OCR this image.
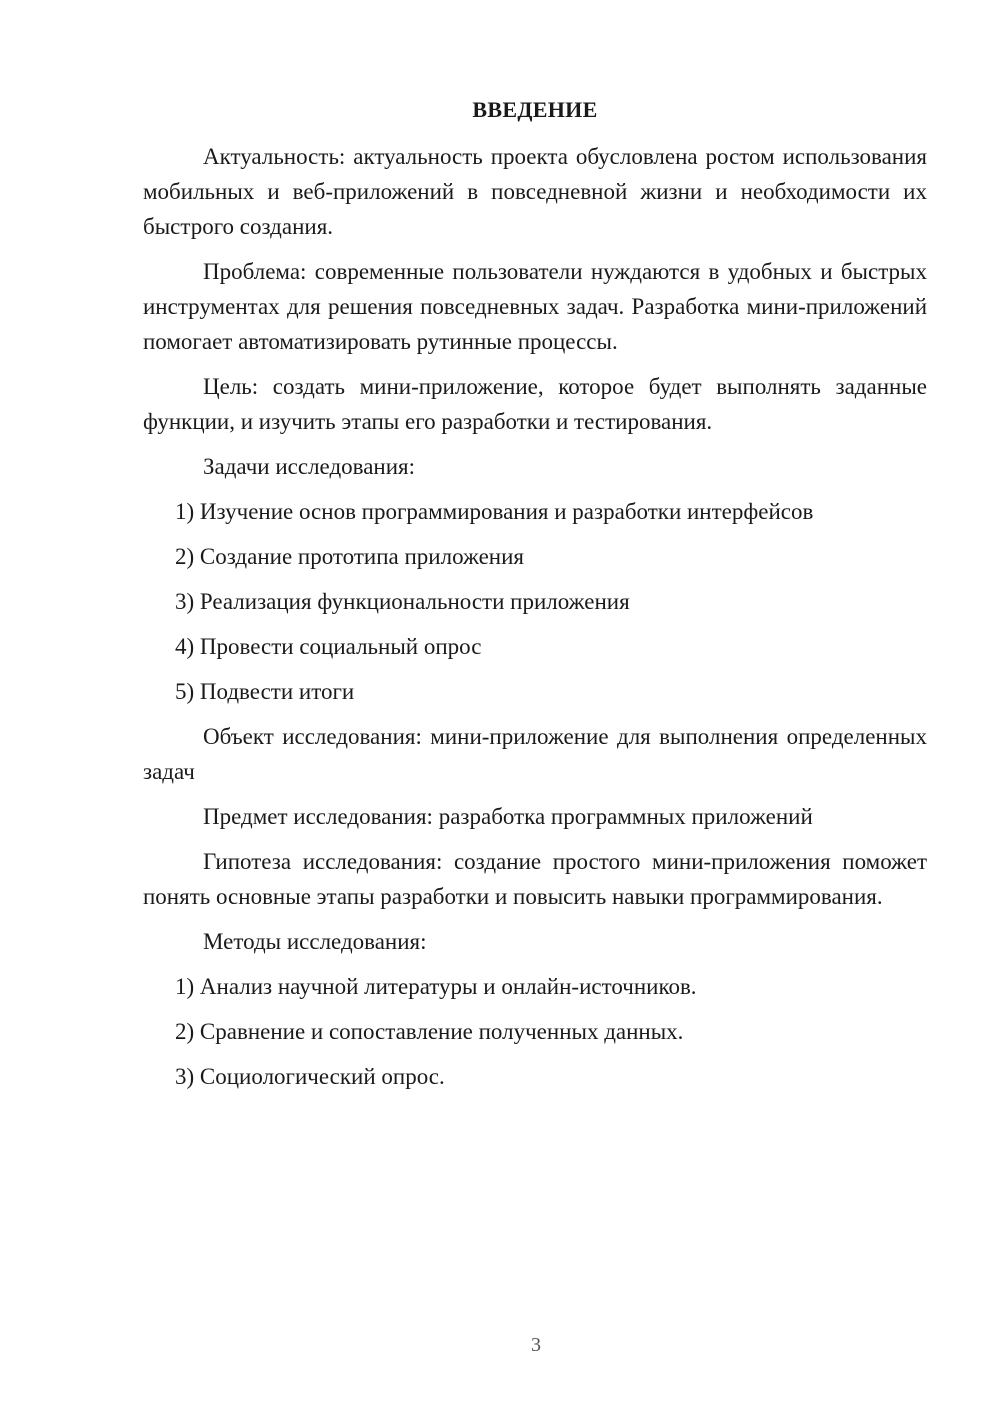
ВВЕДЕНИЕ

Актуальность: актуальность проекта обусловлена ростом использования мобильных и веб-приложений в повседневной жизни и необходимости их быстрого создания.

Проблема: современные пользователи нуждаются в удобных и быстрых инструментах для решения повседневных задач. Разработка мини-приложений помогает автоматизировать рутинные процессы.

Цель: создать мини-приложение, которое будет выполнять заданные функции, и изучить этапы его разработки и тестирования.

Задачи исследования:

1) Изучение основ программирования и разработки интерфейсов
2) Создание прототипа приложения
3) Реализация функциональности приложения
4) Провести социальный опрос
5) Подвести итоги

Объект исследования: мини-приложение для выполнения определенных задач

Предмет исследования: разработка программных приложений

Гипотеза исследования: создание простого мини-приложения поможет понять основные этапы разработки и повысить навыки программирования.

Методы исследования:

1) Анализ научной литературы и онлайн-источников.
2) Сравнение и сопоставление полученных данных.
3) Социологический опрос.
3
